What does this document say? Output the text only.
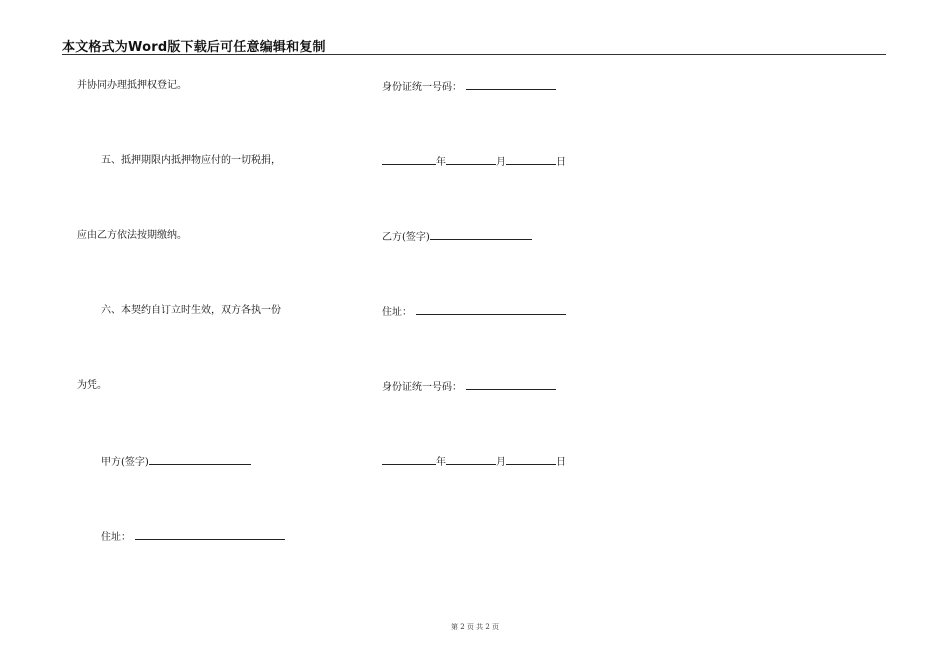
本文格式为Word版下载后可任意编辑和复制
并协同办理抵押权登记。
五、抵押期限内抵押物应付的一切税捐，
应由乙方依法按期缴纳。
六、本契约自订立时生效，双方各执一份
为凭。
甲方(签字)
住址：
身份证统一号码：
年	月	日
乙方(签字)
住址：
身份证统一号码：
年	月	日
第 2 页 共 2 页
